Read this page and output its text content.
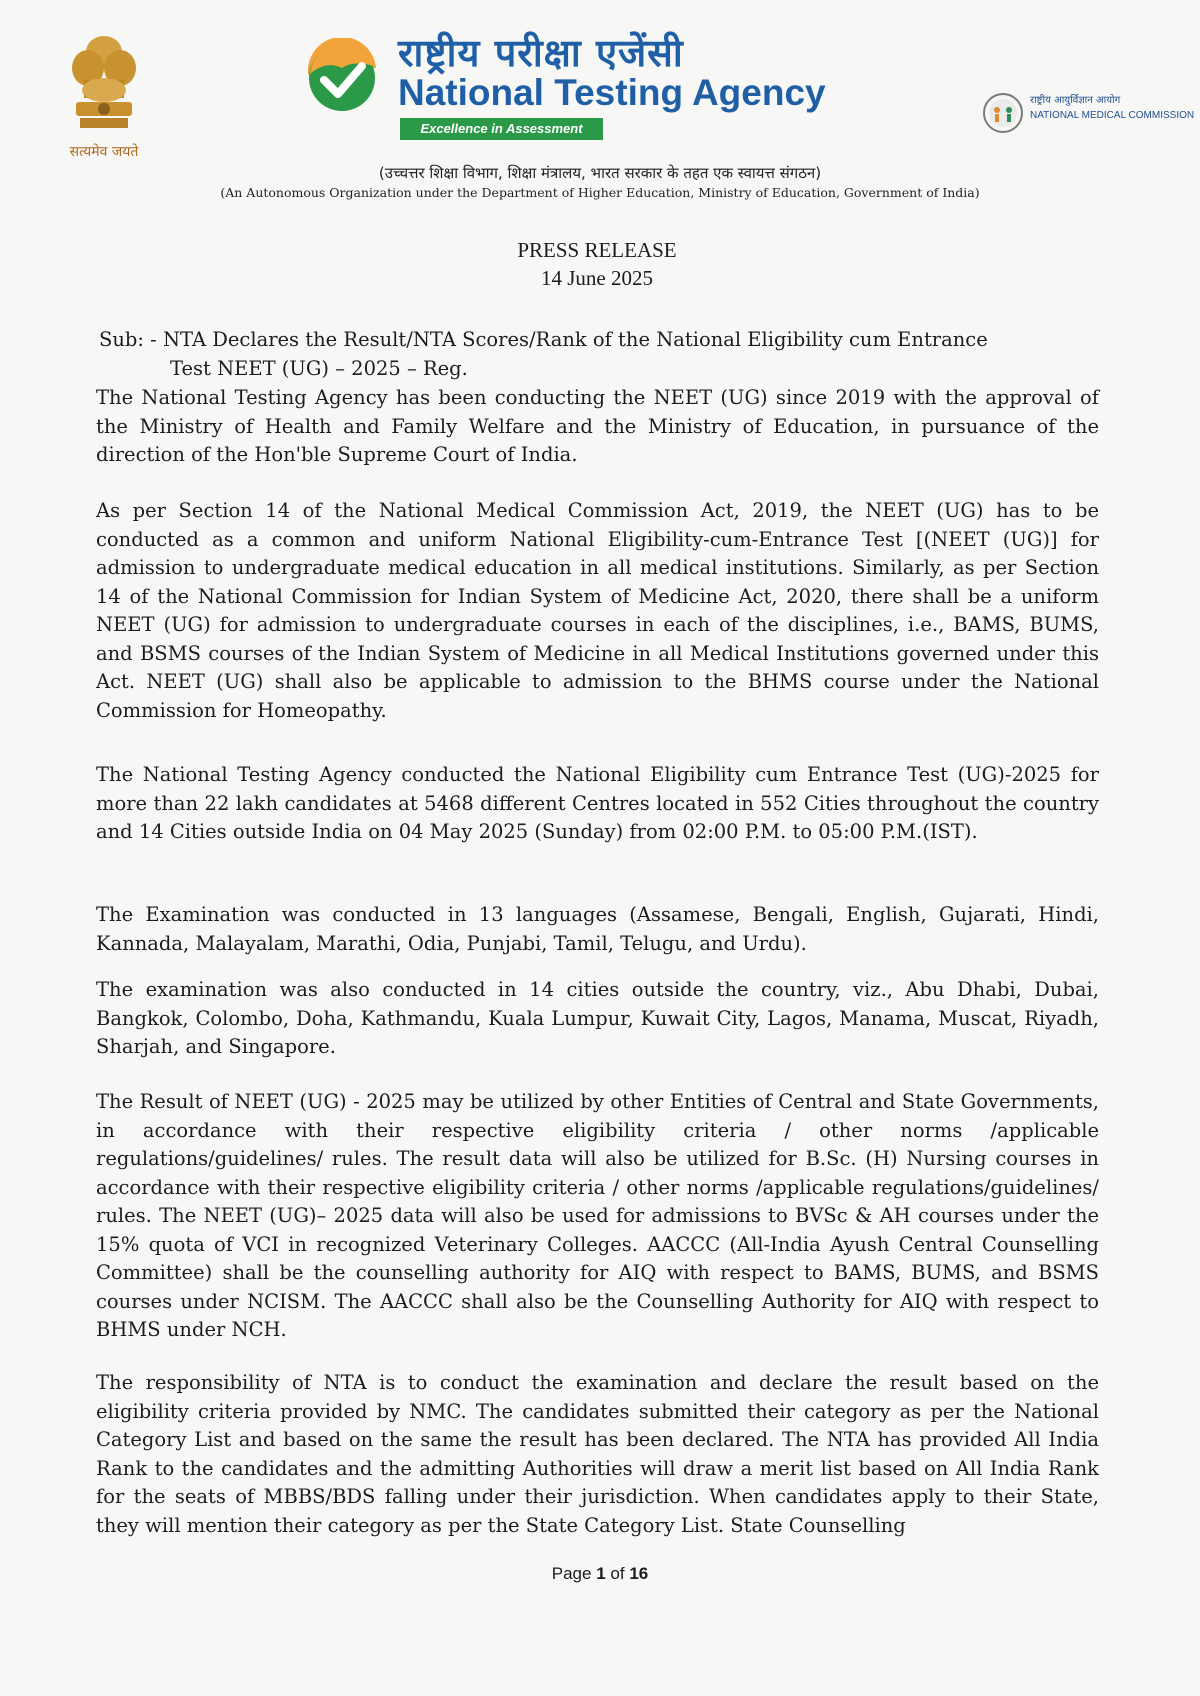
सत्यमेव जयते
राष्ट्रीय परीक्षा एजेंसी
National Testing Agency
Excellence in Assessment
राष्ट्रीय आयुर्विज्ञान आयोग
NATIONAL MEDICAL COMMISSION
(उच्चत्तर शिक्षा विभाग, शिक्षा मंत्रालय, भारत सरकार के तहत एक स्वायत्त संगठन)
(An Autonomous Organization under the Department of Higher Education, Ministry of Education, Government of India)
PRESS RELEASE
14 June 2025
Sub: - NTA Declares the Result/NTA Scores/Rank of the National Eligibility cum Entrance
Test NEET (UG) – 2025 – Reg.

The National Testing Agency has been conducting the NEET (UG) since 2019 with the approval of the Ministry of Health and Family Welfare and the Ministry of Education, in pursuance of the direction of the Hon'ble Supreme Court of India.

As per Section 14 of the National Medical Commission Act, 2019, the NEET (UG) has to be conducted as a common and uniform National Eligibility-cum-Entrance Test [(NEET (UG)] for admission to undergraduate medical education in all medical institutions. Similarly, as per Section 14 of the National Commission for Indian System of Medicine Act, 2020, there shall be a uniform NEET (UG) for admission to undergraduate courses in each of the disciplines, i.e., BAMS, BUMS, and BSMS courses of the Indian System of Medicine in all Medical Institutions governed under this Act. NEET (UG) shall also be applicable to admission to the BHMS course under the National Commission for Homeopathy.

The National Testing Agency conducted the National Eligibility cum Entrance Test (UG)-2025 for more than 22 lakh candidates at 5468 different Centres located in 552 Cities throughout the country and 14 Cities outside India on 04 May 2025 (Sunday) from 02:00 P.M. to 05:00 P.M.(IST).

The Examination was conducted in 13 languages (Assamese, Bengali, English, Gujarati, Hindi, Kannada, Malayalam, Marathi, Odia, Punjabi, Tamil, Telugu, and Urdu).

The examination was also conducted in 14 cities outside the country, viz., Abu Dhabi, Dubai, Bangkok, Colombo, Doha, Kathmandu, Kuala Lumpur, Kuwait City, Lagos, Manama, Muscat, Riyadh, Sharjah, and Singapore.

The Result of NEET (UG) - 2025 may be utilized by other Entities of Central and State Governments, in accordance with their respective eligibility criteria / other norms /applicable regulations/guidelines/ rules. The result data will also be utilized for B.Sc. (H) Nursing courses in accordance with their respective eligibility criteria / other norms /applicable regulations/guidelines/ rules. The NEET (UG)– 2025 data will also be used for admissions to BVSc & AH courses under the 15% quota of VCI in recognized Veterinary Colleges. AACCC (All-India Ayush Central Counselling Committee) shall be the counselling authority for AIQ with respect to BAMS, BUMS, and BSMS courses under NCISM. The AACCC shall also be the Counselling Authority for AIQ with respect to BHMS under NCH.

The responsibility of NTA is to conduct the examination and declare the result based on the eligibility criteria provided by NMC. The candidates submitted their category as per the National Category List and based on the same the result has been declared. The NTA has provided All India Rank to the candidates and the admitting Authorities will draw a merit list based on All India Rank for the seats of MBBS/BDS falling under their jurisdiction. When candidates apply to their State, they will mention their category as per the State Category List. State Counselling

Page 1 of 16
